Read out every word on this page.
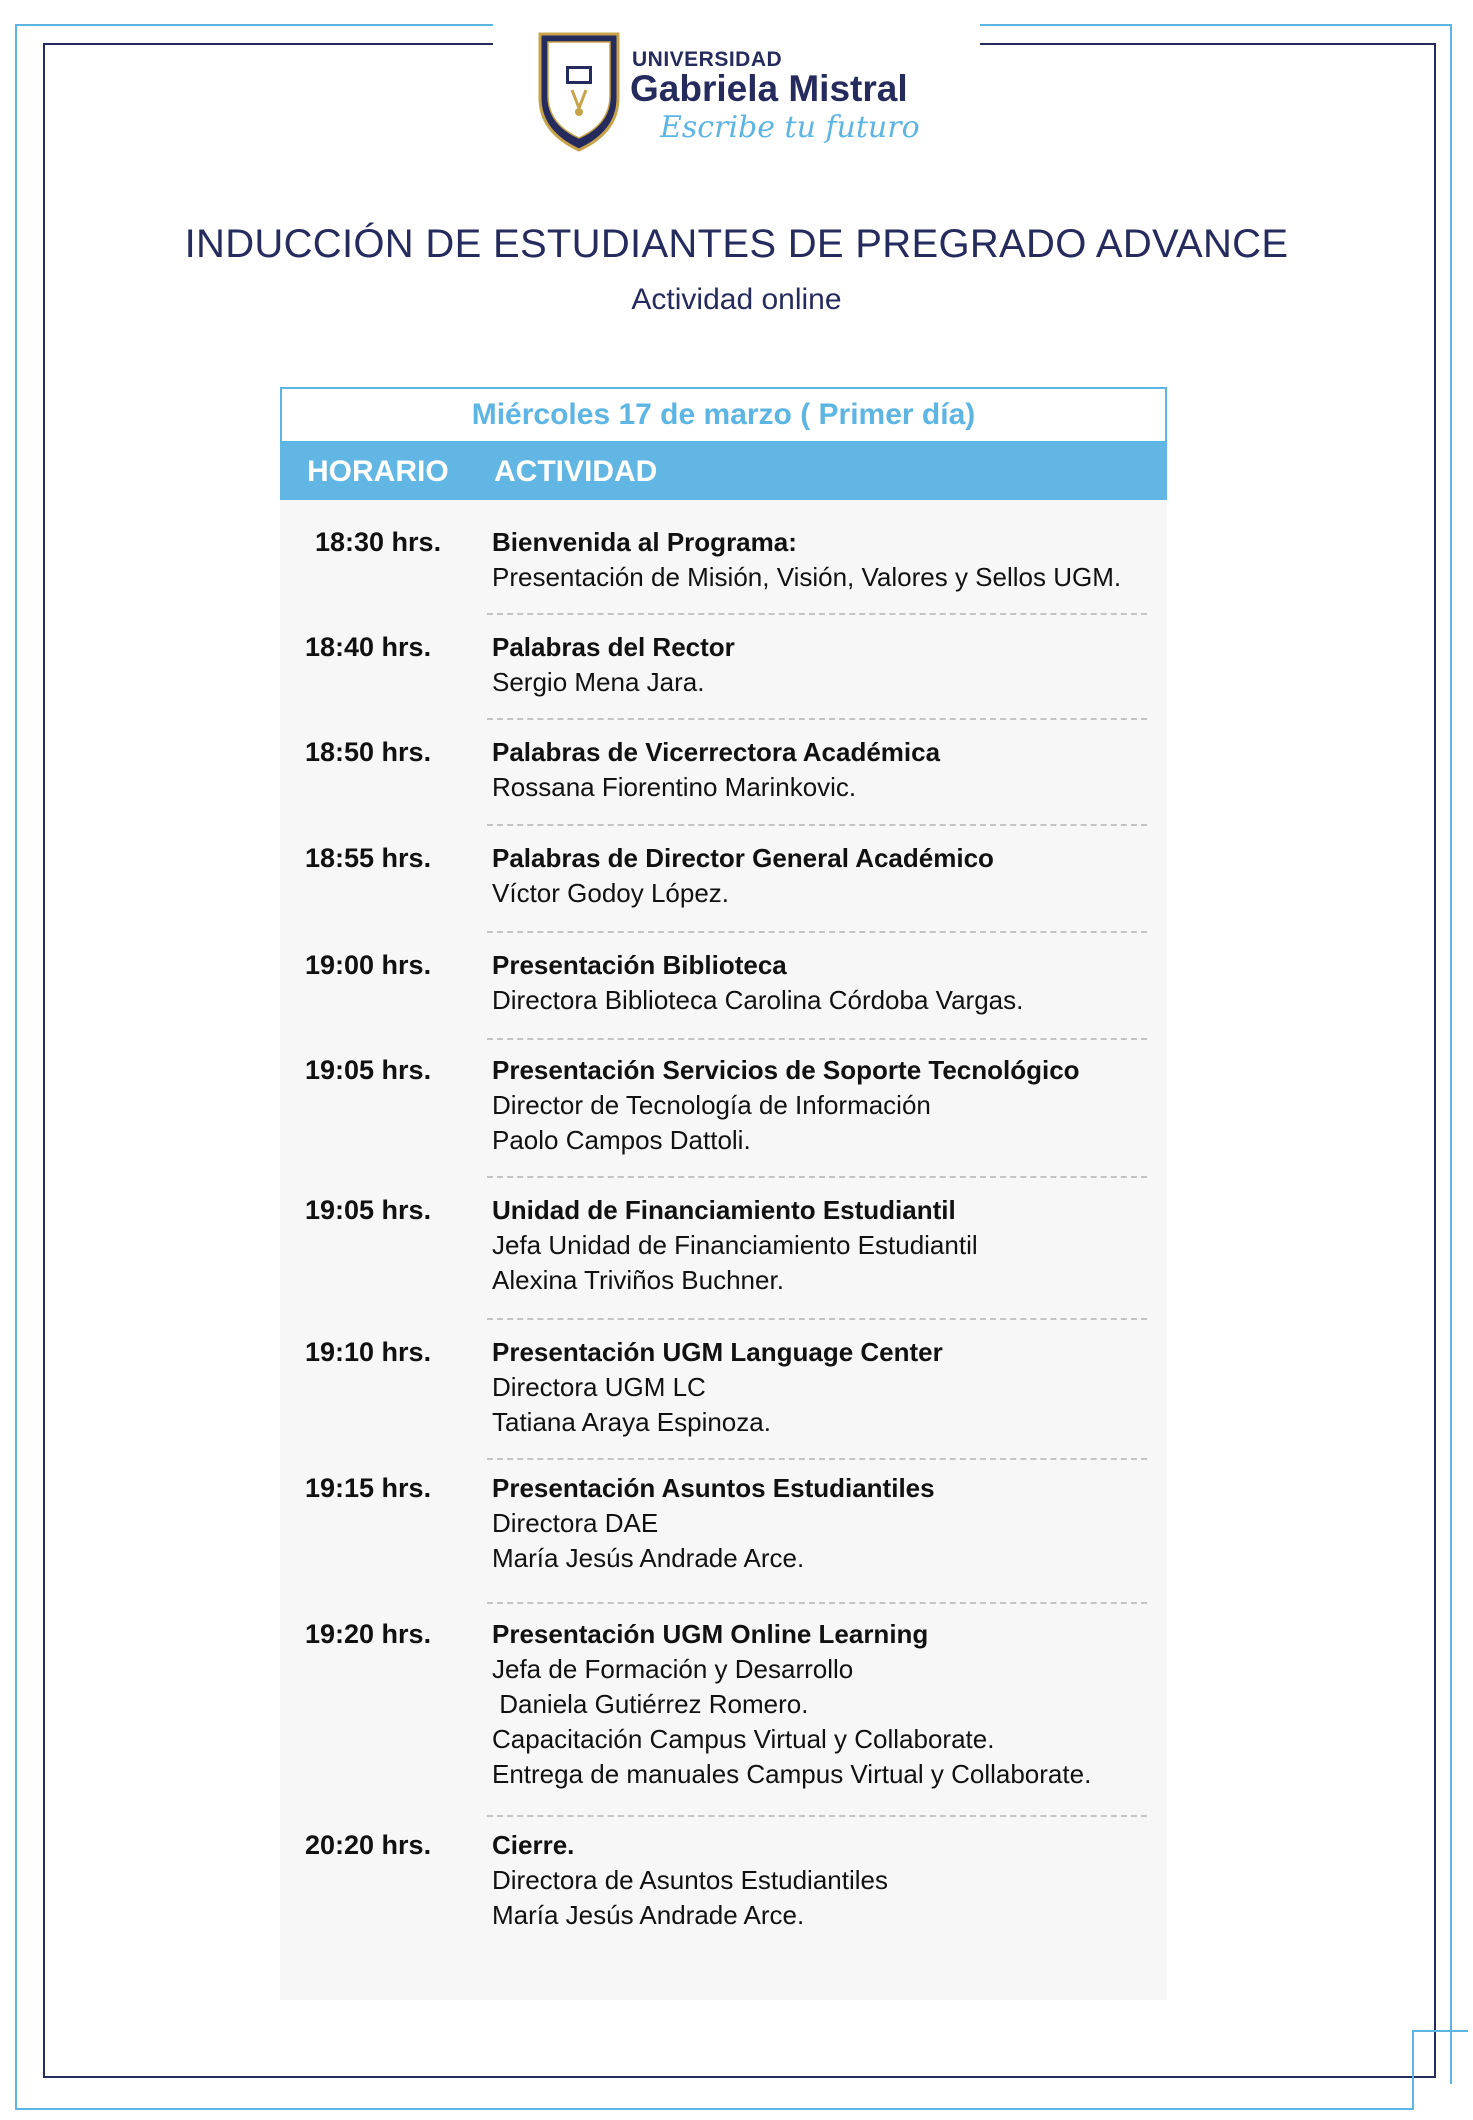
UNIVERSIDAD
Gabriela Mistral
Escribe tu futuro
INDUCCIÓN DE ESTUDIANTES DE PREGRADO ADVANCE
Actividad online
Miércoles 17 de marzo ( Primer día)
HORARIO ACTIVIDAD
18:30 hrs. Bienvenida al Programa:
Presentación de Misión, Visión, Valores y Sellos UGM.
18:40 hrs. Palabras del Rector
Sergio Mena Jara.
18:50 hrs. Palabras de Vicerrectora Académica
Rossana Fiorentino Marinkovic.
18:55 hrs. Palabras de Director General Académico
Víctor Godoy López.
19:00 hrs. Presentación Biblioteca
Directora Biblioteca Carolina Córdoba Vargas.
19:05 hrs. Presentación Servicios de Soporte Tecnológico
Director de Tecnología de Información
Paolo Campos Dattoli.
19:05 hrs. Unidad de Financiamiento Estudiantil
Jefa Unidad de Financiamiento Estudiantil
Alexina Triviños Buchner.
19:10 hrs. Presentación UGM Language Center
Directora UGM LC
Tatiana Araya Espinoza.
19:15 hrs. Presentación Asuntos Estudiantiles
Directora DAE
María Jesús Andrade Arce.
19:20 hrs. Presentación UGM Online Learning
Jefa de Formación y Desarrollo
Daniela Gutiérrez Romero.
Capacitación Campus Virtual y Collaborate.
Entrega de manuales Campus Virtual y Collaborate.
20:20 hrs. Cierre.
Directora de Asuntos Estudiantiles
María Jesús Andrade Arce.
